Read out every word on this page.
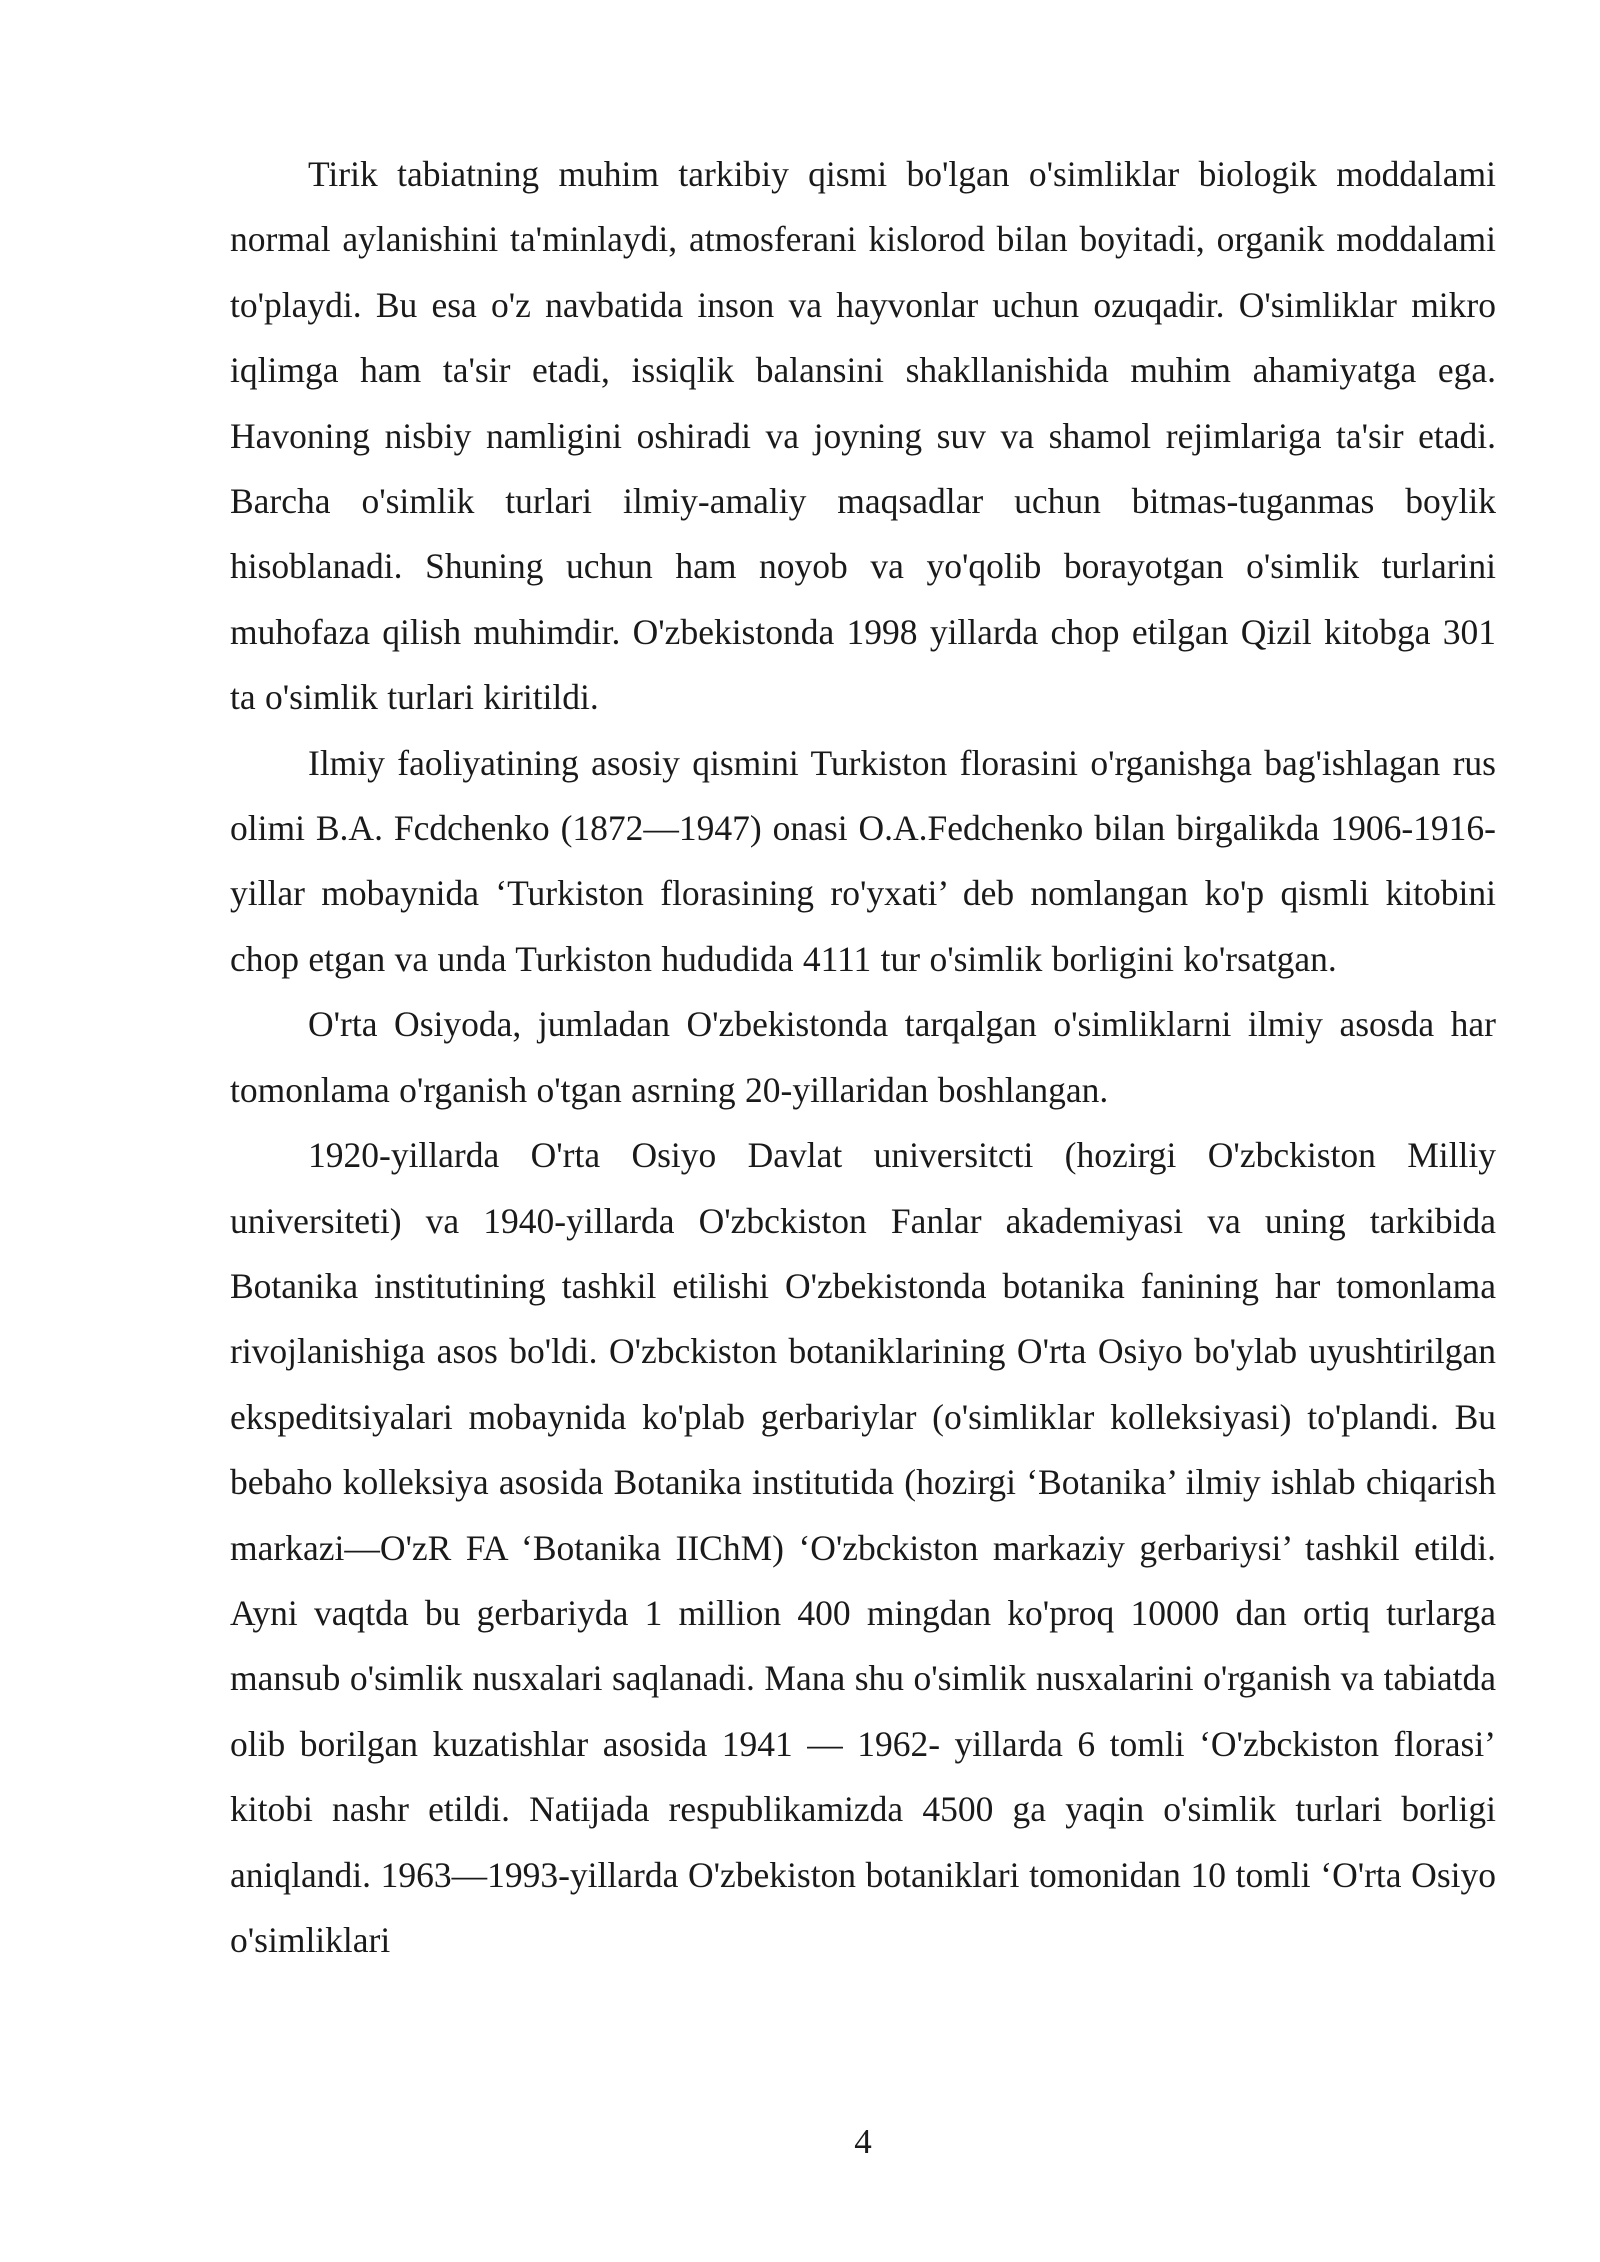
Tirik tabiatning muhim tarkibiy qismi bo'lgan o'simliklar biologik moddalami normal aylanishini ta'minlaydi, atmosferani kislorod bilan boyitadi, organik moddalami to'playdi. Bu esa o'z navbatida inson va hayvonlar uchun ozuqadir. O'simliklar mikro iqlimga ham ta'sir etadi, issiqlik balansini shakllanishida muhim ahamiyatga ega. Havoning nisbiy namligini oshiradi va joyning suv va shamol rejimlariga ta'sir etadi. Barcha o'simlik turlari ilmiy-amaliy maqsadlar uchun bitmas-tuganmas boylik hisoblanadi. Shuning uchun ham noyob va yo'qolib borayotgan o'simlik turlarini muhofaza qilish muhimdir. O'zbekistonda 1998 yillarda chop etilgan Qizil kitobga 301 ta o'simlik turlari kiritildi.

Ilmiy faoliyatining asosiy qismini Turkiston florasini o'rganishga bag'ishlagan rus olimi B.A. Fcdchenko (1872—1947) onasi O.A.Fedchenko bilan birgalikda 1906-1916- yillar mobaynida ‘Turkiston florasining ro'yxati’ deb nomlangan ko'p qismli kitobini chop etgan va unda Turkiston hududida 4111 tur o'simlik borligini ko'rsatgan.

O'rta Osiyoda, jumladan O'zbekistonda tarqalgan o'simliklarni ilmiy asosda har tomonlama o'rganish o'tgan asrning 20-yillaridan boshlangan.

1920-yillarda O'rta Osiyo Davlat universitcti (hozirgi O'zbckiston Milliy universiteti) va 1940-yillarda O'zbckiston Fanlar akademiyasi va uning tarkibida Botanika institutining tashkil etilishi O'zbekistonda botanika fanining har tomonlama rivojlanishiga asos bo'ldi. O'zbckiston botaniklarining O'rta Osiyo bo'ylab uyushtirilgan ekspeditsiyalari mobaynida ko'plab gerbariylar (o'simliklar kolleksiyasi) to'plandi. Bu bebaho kolleksiya asosida Botanika institutida (hozirgi ‘Botanika’ ilmiy ishlab chiqarish markazi—O'zR FA ‘Botanika IIChM) ‘O'zbckiston markaziy gerbariysi’ tashkil etildi. Ayni vaqtda bu gerbariyda 1 million 400 mingdan ko'proq 10000 dan ortiq turlarga mansub o'simlik nusxalari saqlanadi. Mana shu o'simlik nusxalarini o'rganish va tabiatda olib borilgan kuzatishlar asosida 1941 — 1962- yillarda 6 tomli ‘O'zbckiston florasi’ kitobi nashr etildi. Natijada respublikamizda 4500 ga yaqin o'simlik turlari borligi aniqlandi. 1963—1993-yillarda O'zbekiston botaniklari tomonidan 10 tomli ‘O'rta Osiyo o'simliklari

4
